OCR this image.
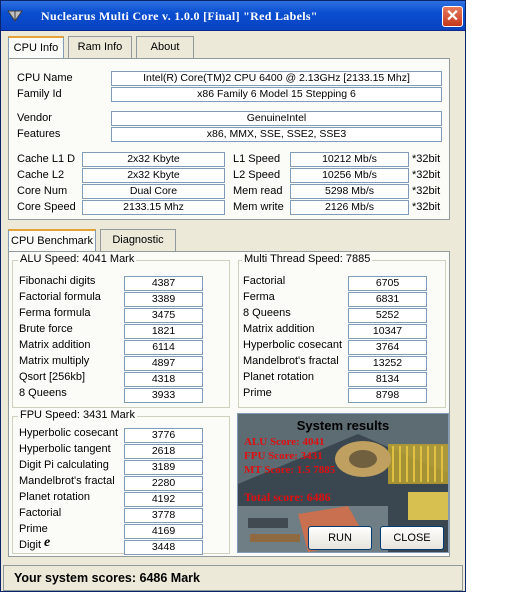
Nuclearus Multi Core v. 1.0.0 [Final] "Red Labels"	✕
CPU Info	Ram Info	About
CPU Name	Intel(R) Core(TM)2 CPU 6400 @ 2.13GHz [2133.15 Mhz]
Family Id	x86 Family 6 Model 15 Stepping 6
Vendor	GenuineIntel
Features	x86, MMX, SSE, SSE2, SSE3
Cache L1 D	2x32 Kbyte
Cache L2	2x32 Kbyte
Core Num	Dual Core
Core Speed	2133.15 Mhz
L1 Speed	10212 Mb/s	*32bit
L2 Speed	10256 Mb/s	*32bit
Mem read	5298 Mb/s	*32bit
Mem write	2126 Mb/s	*32bit
CPU Benchmark	Diagnostic
ALU Speed: 4041 Mark
Fibonachi digits	4387
Factorial formula	3389
Ferma formula	3475
Brute force	1821
Matrix addition	6114
Matrix multiply	4897
Qsort [256kb]	4318
8 Queens	3933
Multi Thread Speed: 7885
Factorial	6705
Ferma	6831
8 Queens	5252
Matrix addition	10347
Hyperbolic cosecant	3764
Mandelbrot's fractal	13252
Planet rotation	8134
Prime	8798
FPU Speed: 3431 Mark
Hyperbolic cosecant	3776
Hyperbolic tangent	2618
Digit Pi calculating	3189
Mandelbrot's fractal	2280
Planet rotation	4192
Factorial	3778
Prime	4169
Digit	3448
e
System results
ALU Score: 4041
FPU Score: 3431
MT Score: 1.5 7885
Total score: 6486
RUN	CLOSE
Your system scores: 6486 Mark
